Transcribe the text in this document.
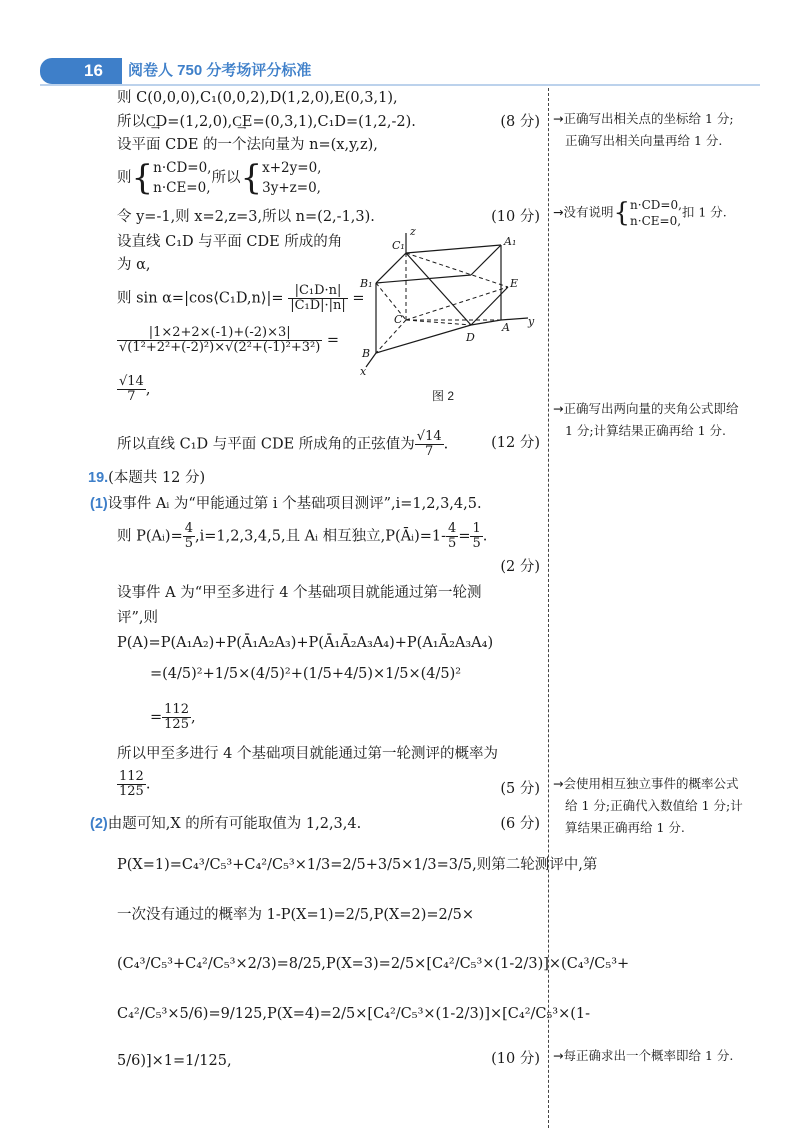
16 阅卷人 750 分考场评分标准
则 C(0,0,0),C₁(0,0,2),D(1,2,0),E(0,3,1),
所以C͢D=(1,2,0),C͢E=(0,3,1),C₁D=(1,2,-2).	(8 分)
设平面 CDE 的一个法向量为 n=(x,y,z),
则{ n·CD=0,
n·CE=0,
所以{ x+2y=0,
3y+z=0,
令 y=-1,则 x=2,z=3,所以 n=(2,-1,3).	(10 分)
设直线 C₁D 与平面 CDE 所成的角
为 α,
则 sin α=|cos⟨C₁D,n⟩|= $\frac{\text{|C₁D·n|}}{\text{|C₁D|·|n|}}$ =
$\frac{|1\times 2+2\times(-1)+(-2)\times 3|}{\text{√(1²+2²+(-2)²)×√(2²+(-1)²+3²)}}$ =
$\frac{√14}{7}$ ,
所以直线 C₁D 与平面 CDE 所成角的正弦值为 $\frac{√14}{7}$ .	(12 分)
z
C₁	A₁
B₁	E
C
A y
D
B
x
图 2
19.(本题共 12 分)
(1)设事件 Aᵢ 为“甲能通过第 i 个基础项目测评”,i=1,2,3,4,5.
则 P(Aᵢ)= $\frac{4}{5} ,i=1,2,3,4,5$,且 Aᵢ 相互独立,P(Āᵢ)=1- $\frac{4}{5} = \frac{1}{5}$ .
(2 分)
设事件 A 为“甲至多进行 4 个基础项目就能通过第一轮测
评”,则
P(A)=P(A₁A₂)+P(Ā₁A₂A₃)+P(Ā₁Ā₂A₃A₄)+P(A₁Ā₂A₃A₄)
=(4/5)²+1/5×(4/5)²+(1/5+4/5)×1/5×(4/5)²
= $\frac{112}{125}$ ,
所以甲至多进行 4 个基础项目就能通过第一轮测评的概率为
$\frac{112}{125}$ .	(5 分)
(2)由题可知,X 的所有可能取值为 1,2,3,4.	(6 分)
P(X=1)=C₄³/C₅³+C₄²/C₅³×1/3=2/5+3/5×1/3=3/5,则第二轮测评中,第
一次没有通过的概率为 1-P(X=1)=2/5,P(X=2)=2/5×
(C₄³/C₅³+C₄²/C₅³×2/3)=8/25,P(X=3)=2/5×[C₄²/C₅³×(1-2/3)]×(C₄³/C₅³+
C₄²/C₅³×5/6)=9/125,P(X=4)=2/5×[C₄²/C₅³×(1-2/3)]×[C₄²/C₅³×(1-
5/6)]×1=1/125,	(10 分)
→正确写出相关点的坐标给 1 分;
正确写出相关向量再给 1 分.
→没有说明{ n·CD=0,
n·CE=0,
扣 1 分.
→正确写出两向量的夹角公式即给
1 分;计算结果正确再给 1 分.
→会使用相互独立事件的概率公式
给 1 分;正确代入数值给 1 分;计
算结果正确再给 1 分.
→每正确求出一个概率即给 1 分.
